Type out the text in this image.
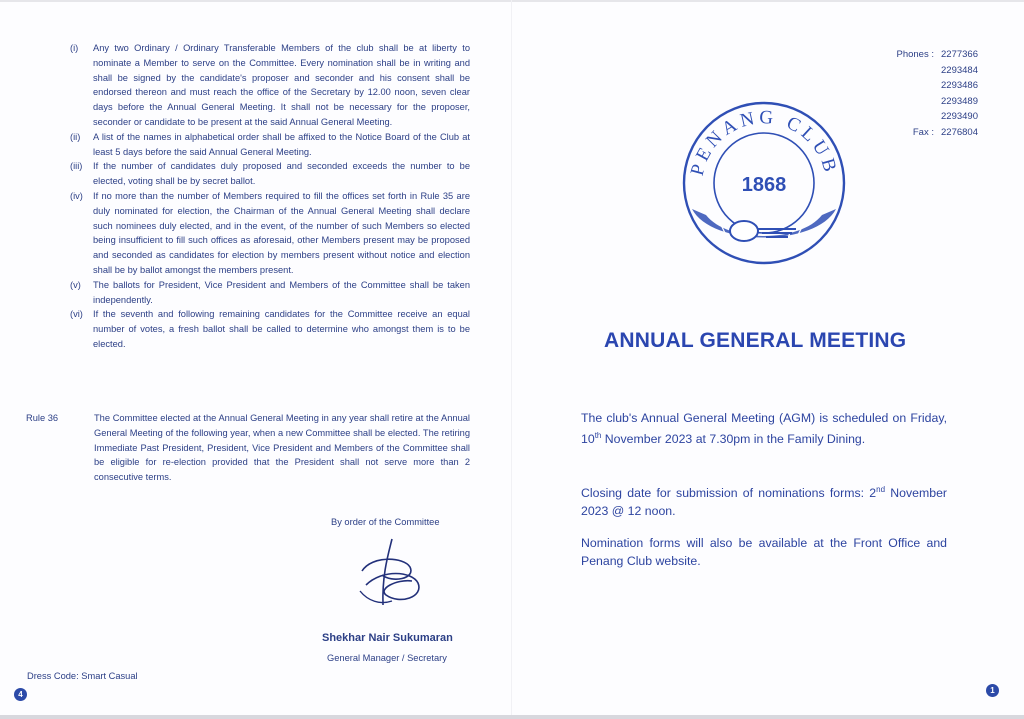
(i) Any two Ordinary / Ordinary Transferable Members of the club shall be at liberty to nominate a Member to serve on the Committee. Every nomination shall be in writing and shall be signed by the candidate's proposer and seconder and his consent shall be endorsed thereon and must reach the office of the Secretary by 12.00 noon, seven clear days before the Annual General Meeting. It shall not be necessary for the proposer, seconder or candidate to be present at the said Annual General Meeting.
(ii) A list of the names in alphabetical order shall be affixed to the Notice Board of the Club at least 5 days before the said Annual General Meeting.
(iii) If the number of candidates duly proposed and seconded exceeds the number to be elected, voting shall be by secret ballot.
(iv) If no more than the number of Members required to fill the offices set forth in Rule 35 are duly nominated for election, the Chairman of the Annual General Meeting shall declare such nominees duly elected, and in the event, of the number of such Members so elected being insufficient to fill such offices as aforesaid, other Members present may be proposed and seconded as candidates for election by members present without notice and election shall be by ballot amongst the members present.
(v) The ballots for President, Vice President and Members of the Committee shall be taken independently.
(vi) If the seventh and following remaining candidates for the Committee receive an equal number of votes, a fresh ballot shall be called to determine who amongst them is to be elected.
Rule 36	The Committee elected at the Annual General Meeting in any year shall retire at the Annual General Meeting of the following year, when a new Committee shall be elected. The retiring Immediate Past President, President, Vice President and Members of the Committee shall be eligible for re-election provided that the President shall not serve more than 2 consecutive terms.
By order of the Committee
Shekhar Nair Sukumaran
General Manager / Secretary
Dress Code: Smart Casual
4
Phones : 2277366
2293484
2293486
2293489
2293490
Fax : 2276804
PENANG CLUB
1868
ANNUAL GENERAL MEETING
The club's Annual General Meeting (AGM) is scheduled on Friday, 10th November 2023 at 7.30pm in the Family Dining.
Closing date for submission of nominations forms: 2nd November 2023 @ 12 noon.
Nomination forms will also be available at the Front Office and Penang Club website.
1
